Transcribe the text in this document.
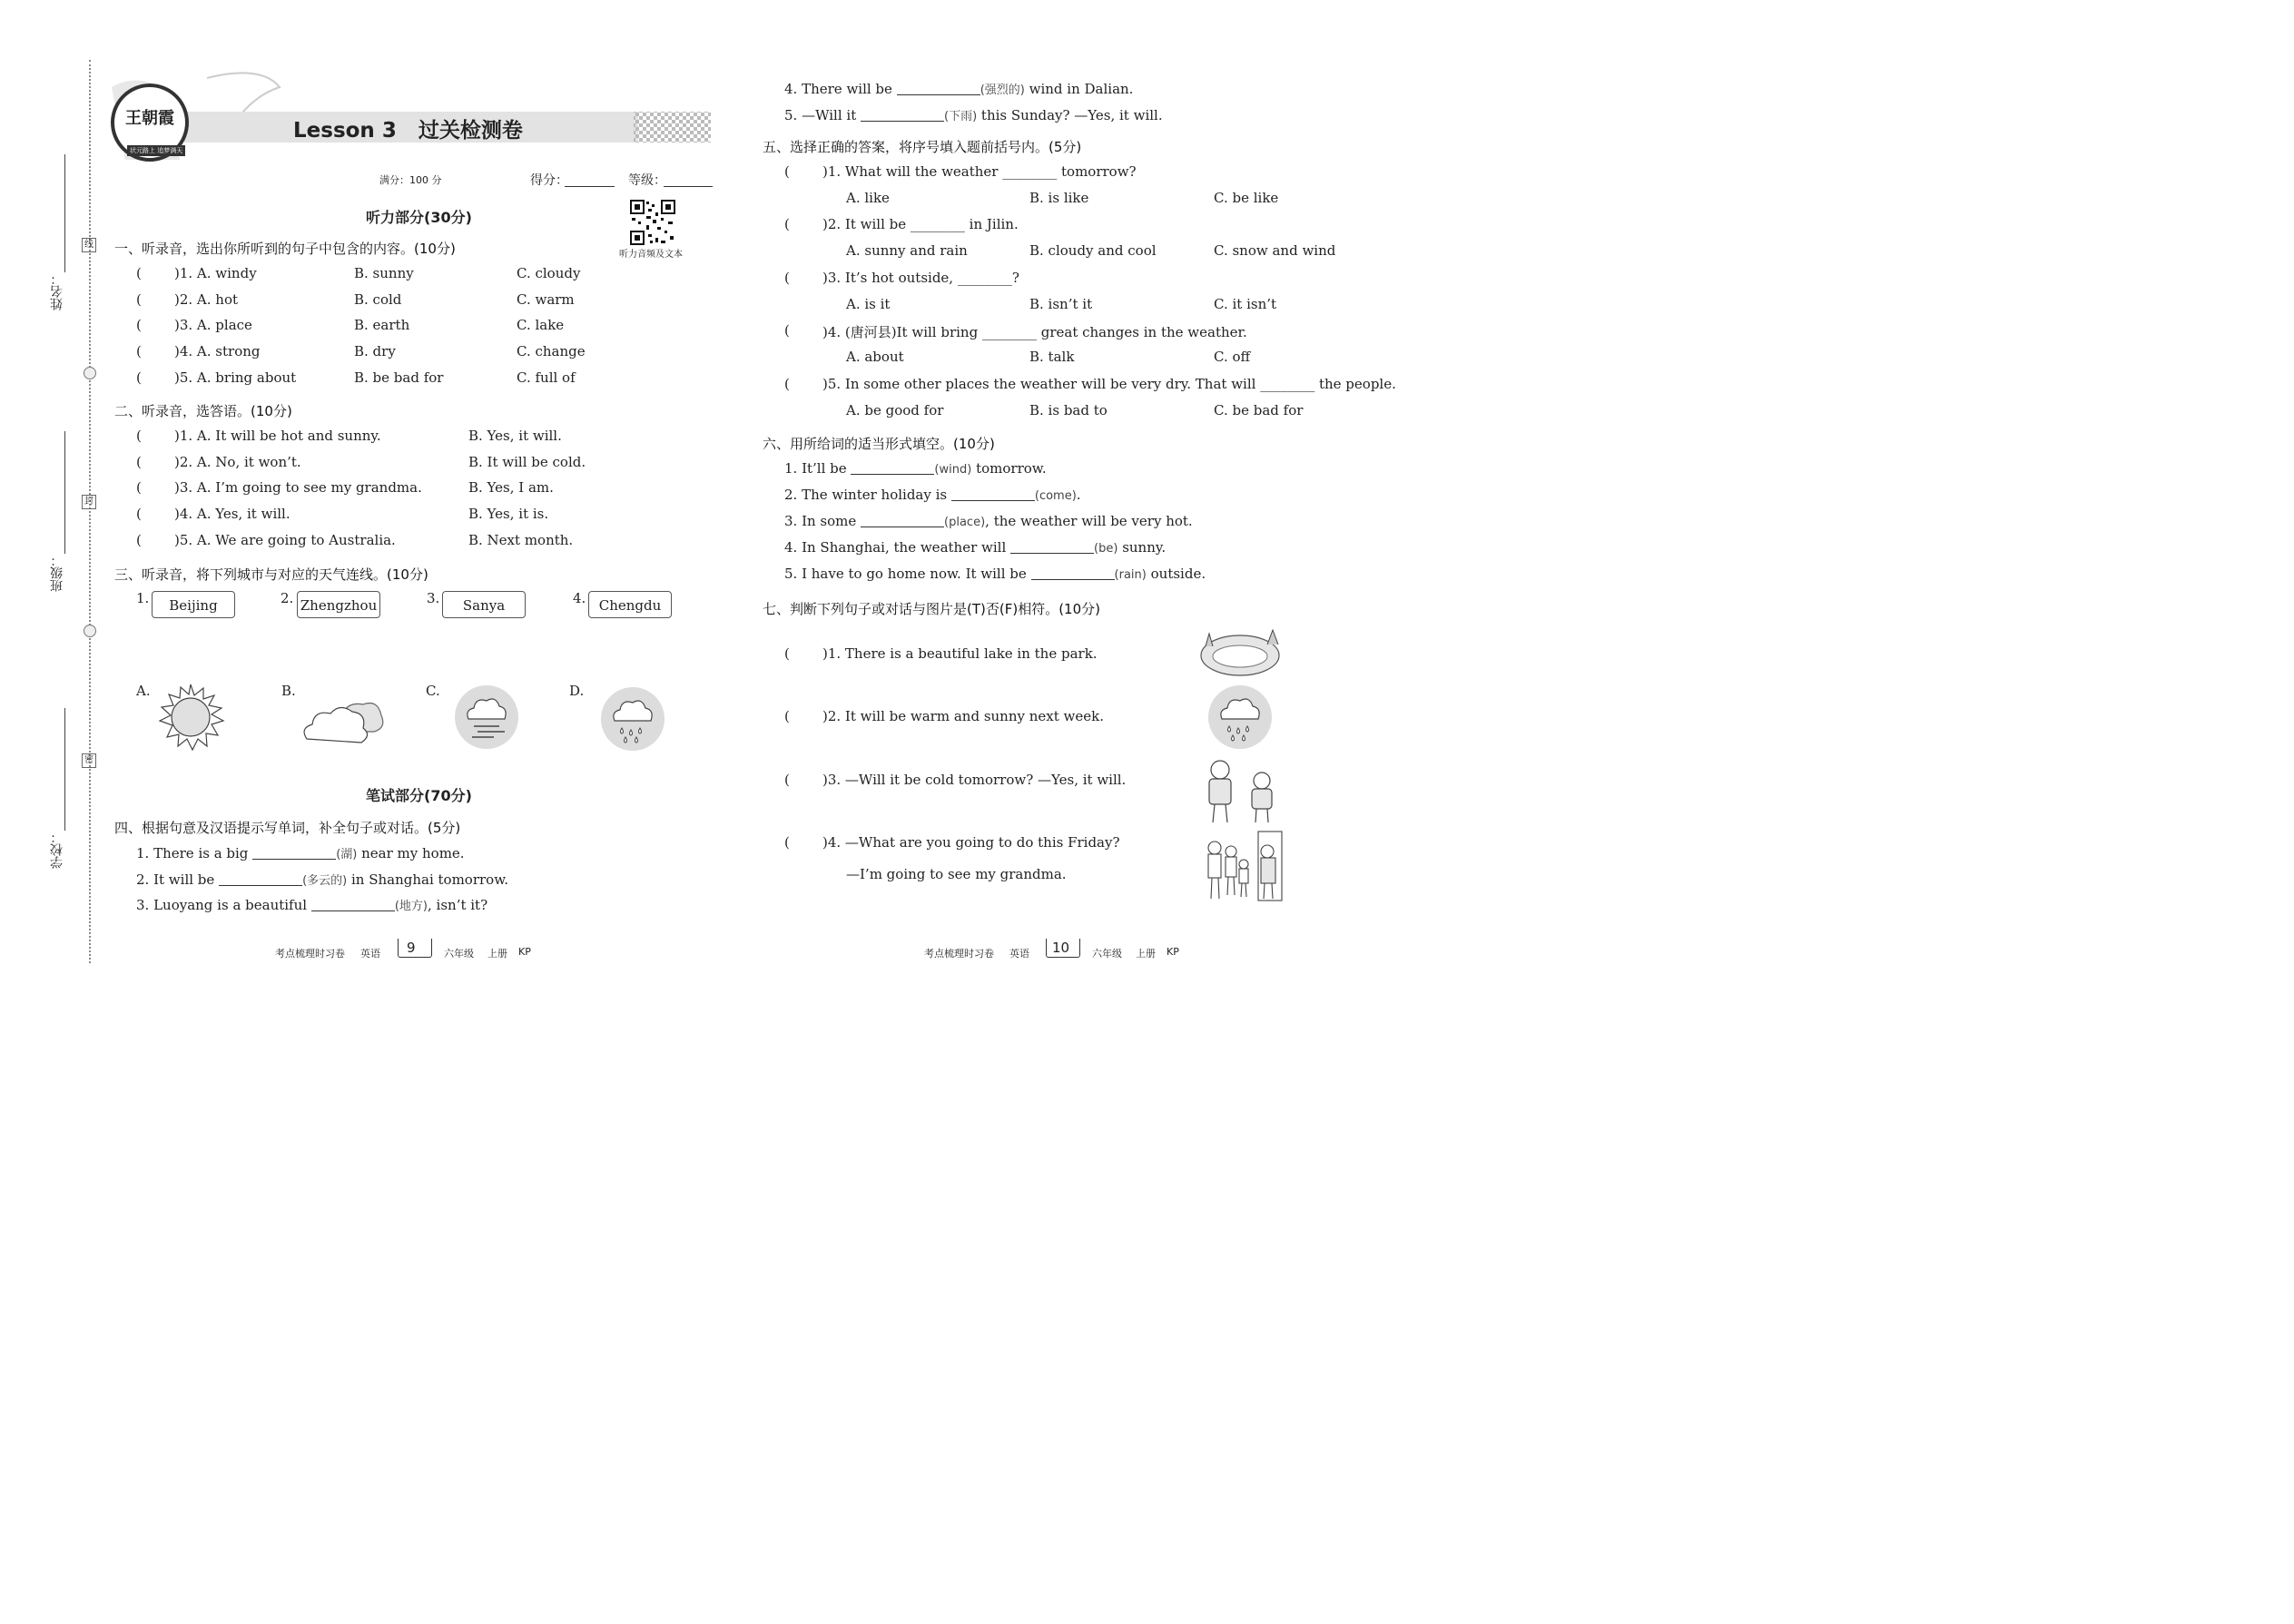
姓名：
班级：
学校：
线
封
密
王朝霞
状元路上 追梦满天
Lesson 3   过关检测卷
满分：100 分	得分：	等级：
听力音频及文本
听力部分(30分)
一、听录音，选出你所听到的句子中包含的内容。(10分)
二、听录音，选答语。(10分)
三、听录音，将下列城市与对应的天气连线。(10分)
1.	Beijing	2. Zhengzhou	3.	Sanya	4. Chengdu
A.	B.	C.	D.
笔试部分(70分)
四、根据句意及汉语提示写单词，补全句子或对话。(5分)
五、选择正确的答案，将序号填入题前括号内。(5分)
六、用所给词的适当形式填空。(10分)
七、判断下列句子或对话与图片是(T)否(F)相符。(10分)
考点梳理时习卷 英语 9	六年级 上册 KP	考点梳理时习卷 英语 10 六年级 上册 KP
( )1. A. windy	B. sunny	C. cloudy
( )2. A. hot	B. cold	C. warm
( )3. A. place	B. earth	C. lake
( )4. A. strong	B. dry	C. change
( )5. A. bring about	B. be bad for	C. full of
( )1. A. It will be hot and sunny.	B. Yes, it will.
( )2. A. No, it won’t.	B. It will be cold.
( )3. A. I’m going to see my grandma.	B. Yes, I am.
( )4. A. Yes, it will.	B. Yes, it is.
( )5. A. We are going to Australia.	B. Next month.
1. There is a big	(湖) near my home.
2. It will be	(多云的) in Shanghai tomorrow.
3. Luoyang is a beautiful	(地方), isn’t it?
4. There will be	(强烈的) wind in Dalian.
5. —Will it	(下雨) this Sunday? —Yes, it will.
( )1. What will the weather ________ tomorrow?
A. like	B. is like	C. be like
( )2. It will be ________ in Jilin.
A. sunny and rain	B. cloudy and cool	C. snow and wind
( )3. It’s hot outside, ________?
A. is it	B. isn’t it	C. it isn’t
( )4. (唐河县)It will bring ________ great changes in the weather.
A. about	B. talk	C. off
( )5. In some other places the weather will be very dry. That will ________ the people.
A. be good for	B. is bad to	C. be bad for
1. It’ll be	(wind) tomorrow.
2. The winter holiday is	(come).
3. In some	(place), the weather will be very hot.
4. In Shanghai, the weather will	(be) sunny.
5. I have to go home now. It will be	(rain) outside.
( )1. There is a beautiful lake in the park.
( )2. It will be warm and sunny next week.
( )3. —Will it be cold tomorrow? —Yes, it will.
( )4. —What are you going to do this Friday?
—I’m going to see my grandma.
